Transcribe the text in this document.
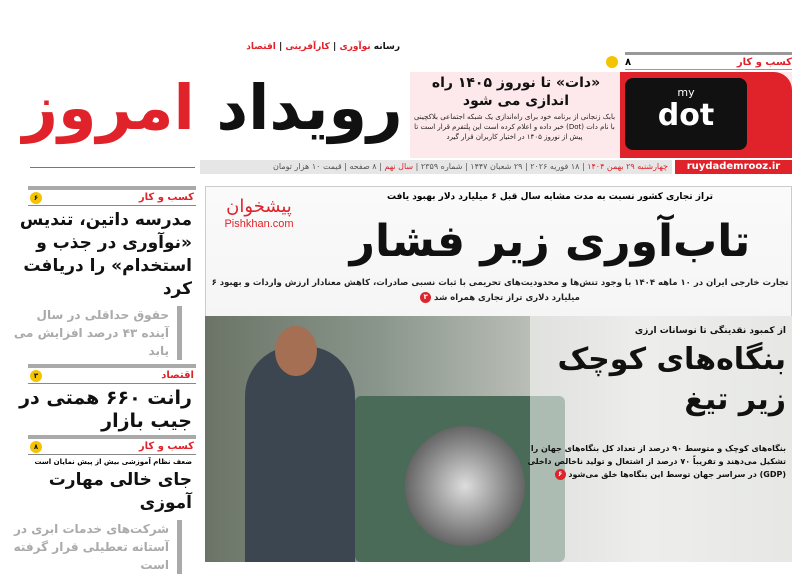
رویداد امروز
رسانه نوآوری | کارآفرینی | اقتصاد
کسب و کار
۸
my
dot
«دات» تا نوروز ۱۴۰۵ راه اندازی می شود
بابک زنجانی از برنامه خود برای راه‌اندازی یک شبکه اجتماعی بلاکچینی با نام دات (Dot) خبر داده و اعلام کرده است این پلتفرم قرار است تا پیش از نوروز ۱۴۰۵ در اختیار کاربران قرار گیرد
چهارشنبه ۲۹ بهمن ۱۴۰۴ | ۱۸ فوریه ۲۰۲۶ | ۲۹ شعبان ۱۴۴۷ | شماره ۲۳۵۹ | سال نهم | ۸ صفحه | قیمت ۱۰ هزار تومان	ruydademrooz.ir
پیشخوان
Pishkhan.com
تراز تجاری کشور نسبت به مدت مشابه سال قبل ۶ میلیارد دلار بهبود یافت
تاب‌آوری زیر فشار
تجارت خارجی ایران در ۱۰ ماهه ۱۴۰۴ با وجود تنش‌ها و محدودیت‌های تحریمی با ثبات نسبی صادرات، کاهش معنادار ارزش واردات و بهبود ۶ میلیارد دلاری تراز تجاری همراه شد ۳
از کمبود نقدینگی تا نوسانات ارزی
بنگاه‌های کوچک زیر تیغ
بنگاه‌های کوچک و متوسط ۹۰ درصد از تعداد کل بنگاه‌های جهان را تشکیل می‌دهند و تقریباً ۷۰ درصد از اشتغال و تولید ناخالص داخلی (GDP) در سراسر جهان توسط این بنگاه‌ها خلق می‌شود ۶
کسب و کار
۶
مدرسه داتین، تندیس «نوآوری در جذب و استخدام» را دریافت کرد
حقوق حداقلی در سال آینده ۴۳ درصد افزایش می یابد
اقتصاد
۳
رانت ۶۶۰ همتی در جیب بازار
کسب و کار
۸
ضعف نظام آموزشی بیش از پیش نمایان است
جای خالی مهارت آموزی
شرکت‌های خدمات ابری در آستانه تعطیلی قرار گرفته است
